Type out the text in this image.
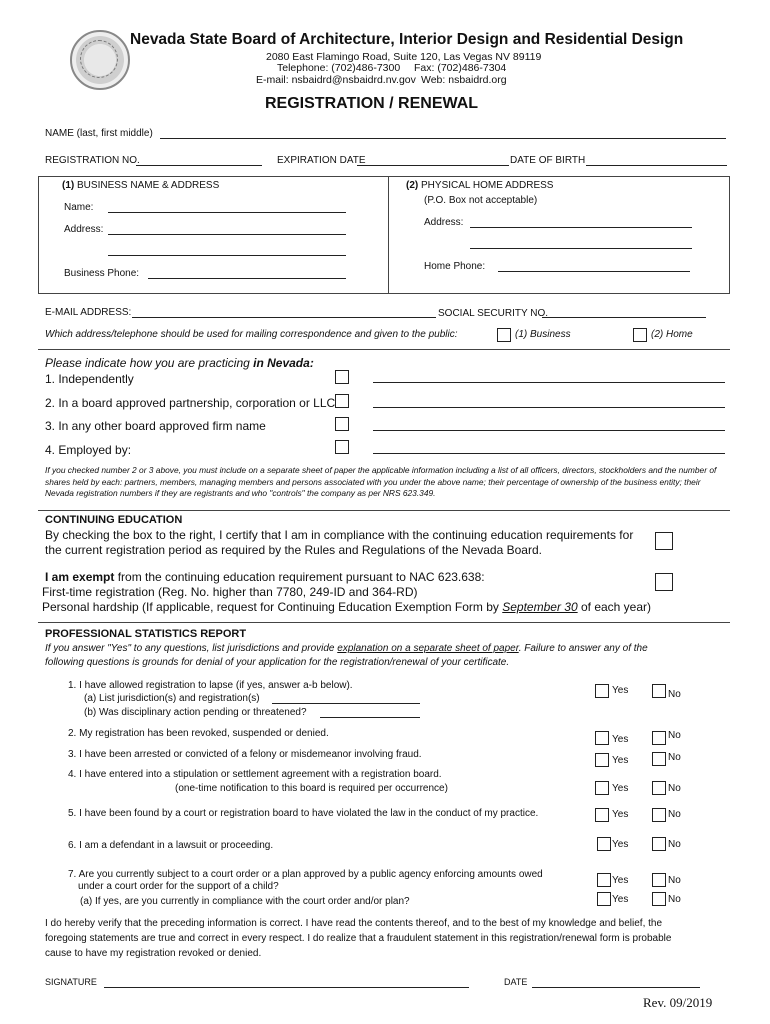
Nevada State Board of Architecture, Interior Design and Residential Design
2080 East Flamingo Road, Suite 120, Las Vegas NV 89119
Telephone: (702)486-7300 Fax: (702)486-7304
E-mail: nsbaidrd@nsbaidrd.nv.gov Web: nsbaidrd.org
REGISTRATION / RENEWAL
NAME (last, first middle)
REGISTRATION NO.	EXPIRATION DATE	DATE OF BIRTH
(1) BUSINESS NAME & ADDRESS
Name:
Address:
Business Phone:
(2) PHYSICAL HOME ADDRESS
(P.O. Box not acceptable)
Address:
Home Phone:
E-MAIL ADDRESS:	SOCIAL SECURITY NO.
Which address/telephone should be used for mailing correspondence and given to the public:	(1) Business	(2) Home
Please indicate how you are practicing in Nevada:
1. Independently
2. In a board approved partnership, corporation or LLC
3. In any other board approved firm name
4. Employed by:
If you checked number 2 or 3 above, you must include on a separate sheet of paper the applicable information including a list of all officers, directors, stockholders and the number of shares held by each: partners, members, managing members and persons associated with you under the above name; their percentage of ownership of the business entity; their Nevada registration numbers if they are registrants and who "controls" the company as per NRS 623.349.
CONTINUING EDUCATION
By checking the box to the right, I certify that I am in compliance with the continuing education requirements for
the current registration period as required by the Rules and Regulations of the Nevada Board.
I am exempt from the continuing education requirement pursuant to NAC 623.638:
First-time registration (Reg. No. higher than 7780, 249-ID and 364-RD)
Personal hardship (If applicable, request for Continuing Education Exemption Form by September 30 of each year)
PROFESSIONAL STATISTICS REPORT
If you answer "Yes" to any questions, list jurisdictions and provide explanation on a separate sheet of paper. Failure to answer any of the
following questions is grounds for denial of your application for the registration/renewal of your certificate.
1. I have allowed registration to lapse (if yes, answer a-b below).
(a) List jurisdiction(s) and registration(s)
(b) Was disciplinary action pending or threatened?
Yes	No
2. My registration has been revoked, suspended or denied.
Yes	No
3. I have been arrested or convicted of a felony or misdemeanor involving fraud.
Yes	No
4. I have entered into a stipulation or settlement agreement with a registration board.
(one-time notification to this board is required per occurrence)	Yes	No
5. I have been found by a court or registration board to have violated the law in the conduct of my practice.	Yes	No
6. I am a defendant in a lawsuit or proceeding.	Yes	No
7. Are you currently subject to a court order or a plan approved by a public agency enforcing amounts owed
under a court order for the support of a child?
(a) If yes, are you currently in compliance with the court order and/or plan?
Yes	No
Yes	No
I do hereby verify that the preceding information is correct. I have read the contents thereof, and to the best of my knowledge and belief, the
foregoing statements are true and correct in every respect. I do realize that a fraudulent statement in this registration/renewal form is probable
cause to have my registration revoked or denied.
SIGNATURE	DATE
Rev. 09/2019
